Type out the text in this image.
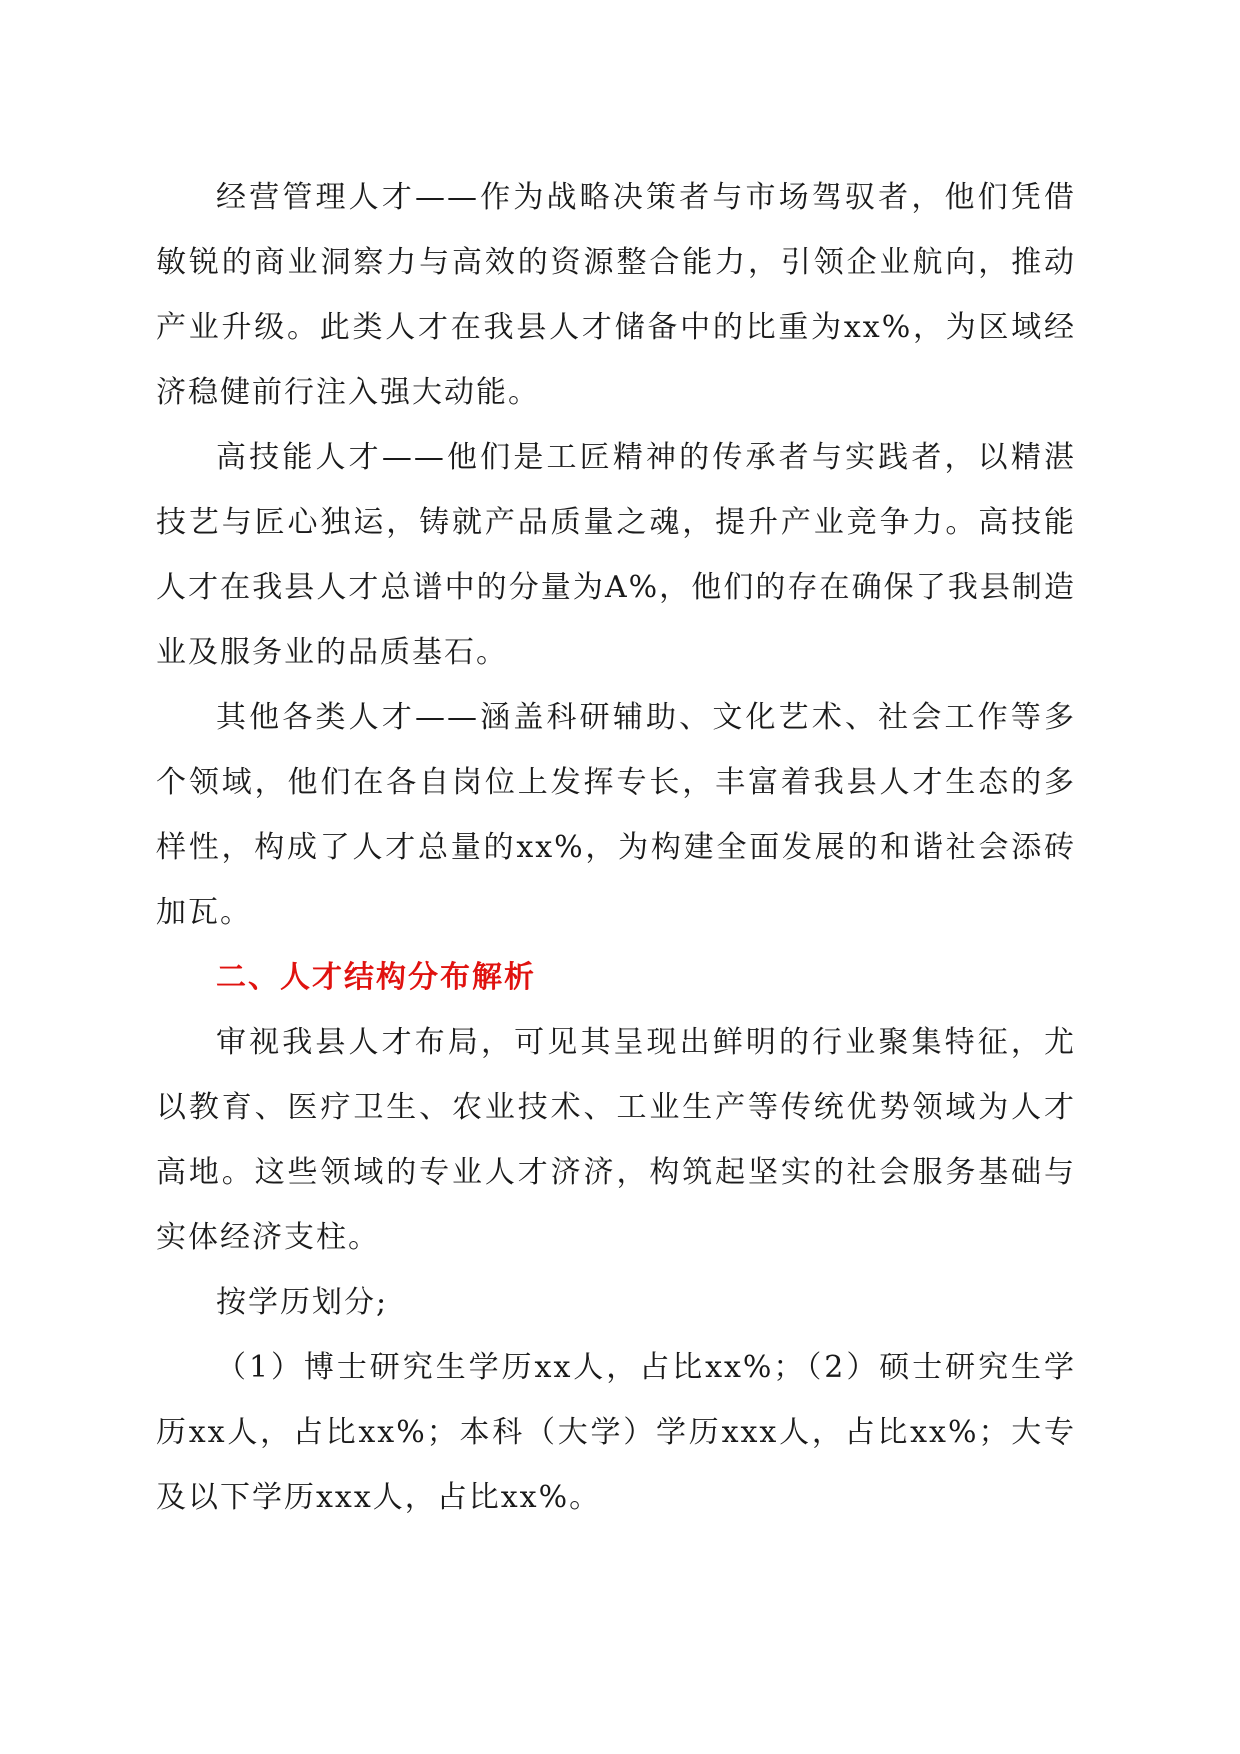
经营管理人才——作为战略决策者与市场驾驭者，他们凭借敏锐的商业洞察力与高效的资源整合能力，引领企业航向，推动产业升级。此类人才在我县人才储备中的比重为xx%，为区域经济稳健前行注入强大动能。

高技能人才——他们是工匠精神的传承者与实践者，以精湛技艺与匠心独运，铸就产品质量之魂，提升产业竞争力。高技能人才在我县人才总谱中的分量为A%，他们的存在确保了我县制造业及服务业的品质基石。

其他各类人才——涵盖科研辅助、文化艺术、社会工作等多个领域，他们在各自岗位上发挥专长，丰富着我县人才生态的多样性，构成了人才总量的xx%，为构建全面发展的和谐社会添砖加瓦。

二、人才结构分布解析

审视我县人才布局，可见其呈现出鲜明的行业聚集特征，尤以教育、医疗卫生、农业技术、工业生产等传统优势领域为人才高地。这些领域的专业人才济济，构筑起坚实的社会服务基础与实体经济支柱。

按学历划分;

（1）博士研究生学历xx人，占比xx%；（2）硕士研究生学历xx人，占比xx%；本科（大学）学历xxx人，占比xx%；大专及以下学历xxx人，占比xx%。
